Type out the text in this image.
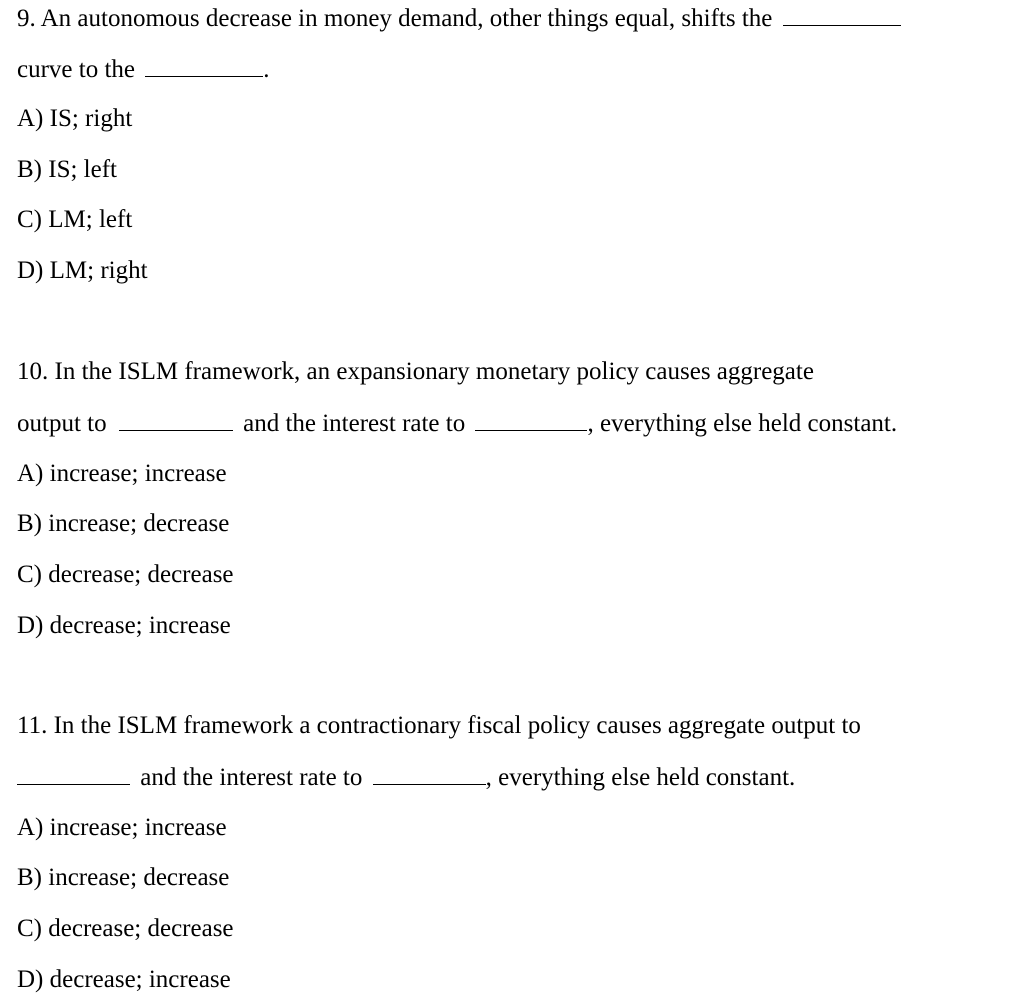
9. An autonomous decrease in money demand, other things equal, shifts the
curve to the	.
A) IS; right
B) IS; left
C) LM; left
D) LM; right
10. In the ISLM framework, an expansionary monetary policy causes aggregate
output to	and the interest rate to	, everything else held constant.
A) increase; increase
B) increase; decrease
C) decrease; decrease
D) decrease; increase
11. In the ISLM framework a contractionary fiscal policy causes aggregate output to
and the interest rate to	, everything else held constant.
A) increase; increase
B) increase; decrease
C) decrease; decrease
D) decrease; increase
